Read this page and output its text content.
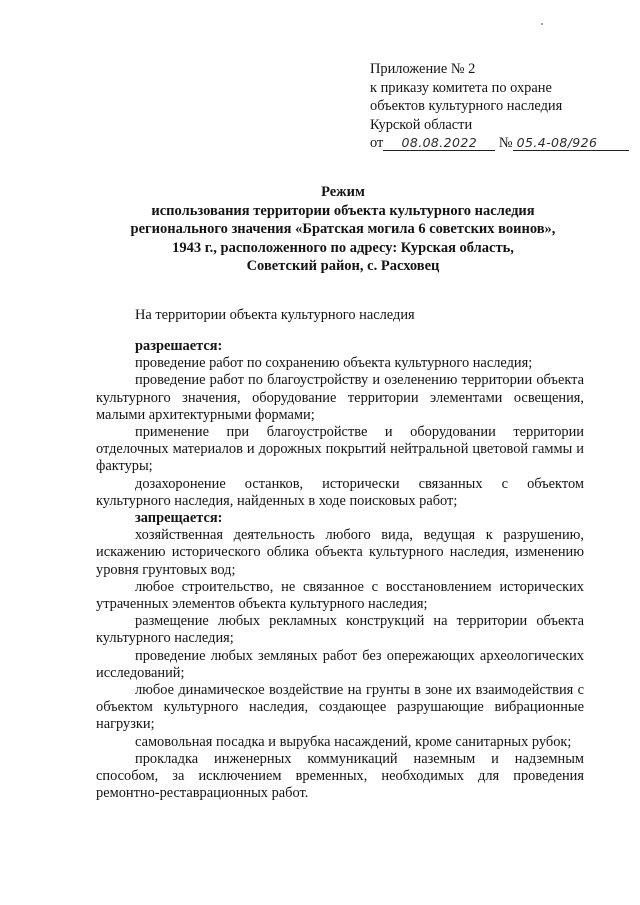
Приложение № 2
к приказу комитета по охране
объектов культурного наследия
Курской области
от 08.08.2022 № 05.4-08/926
Режим
использования территории объекта культурного наследия
регионального значения «Братская могила 6 советских воинов»,
1943 г., расположенного по адресу: Курская область,
Советский район, с. Расховец
На территории объекта культурного наследия

разрешается:

проведение работ по сохранению объекта культурного наследия;

проведение работ по благоустройству и озеленению территории объекта культурного значения, оборудование территории элементами освещения, малыми архитектурными формами;

применение при благоустройстве и оборудовании территории отделочных материалов и дорожных покрытий нейтральной цветовой гаммы и фактуры;

дозахоронение останков, исторически связанных с объектом культурного наследия, найденных в ходе поисковых работ;

запрещается:

хозяйственная деятельность любого вида, ведущая к разрушению, искажению исторического облика объекта культурного наследия, изменению уровня грунтовых вод;

любое строительство, не связанное с восстановлением исторических утраченных элементов объекта культурного наследия;

размещение любых рекламных конструкций на территории объекта культурного наследия;

проведение любых земляных работ без опережающих археологических исследований;

любое динамическое воздействие на грунты в зоне их взаимодействия с объектом культурного наследия, создающее разрушающие вибрационные нагрузки;

самовольная посадка и вырубка насаждений, кроме санитарных рубок;

прокладка инженерных коммуникаций наземным и надземным способом, за исключением временных, необходимых для проведения ремонтно-реставрационных работ.
